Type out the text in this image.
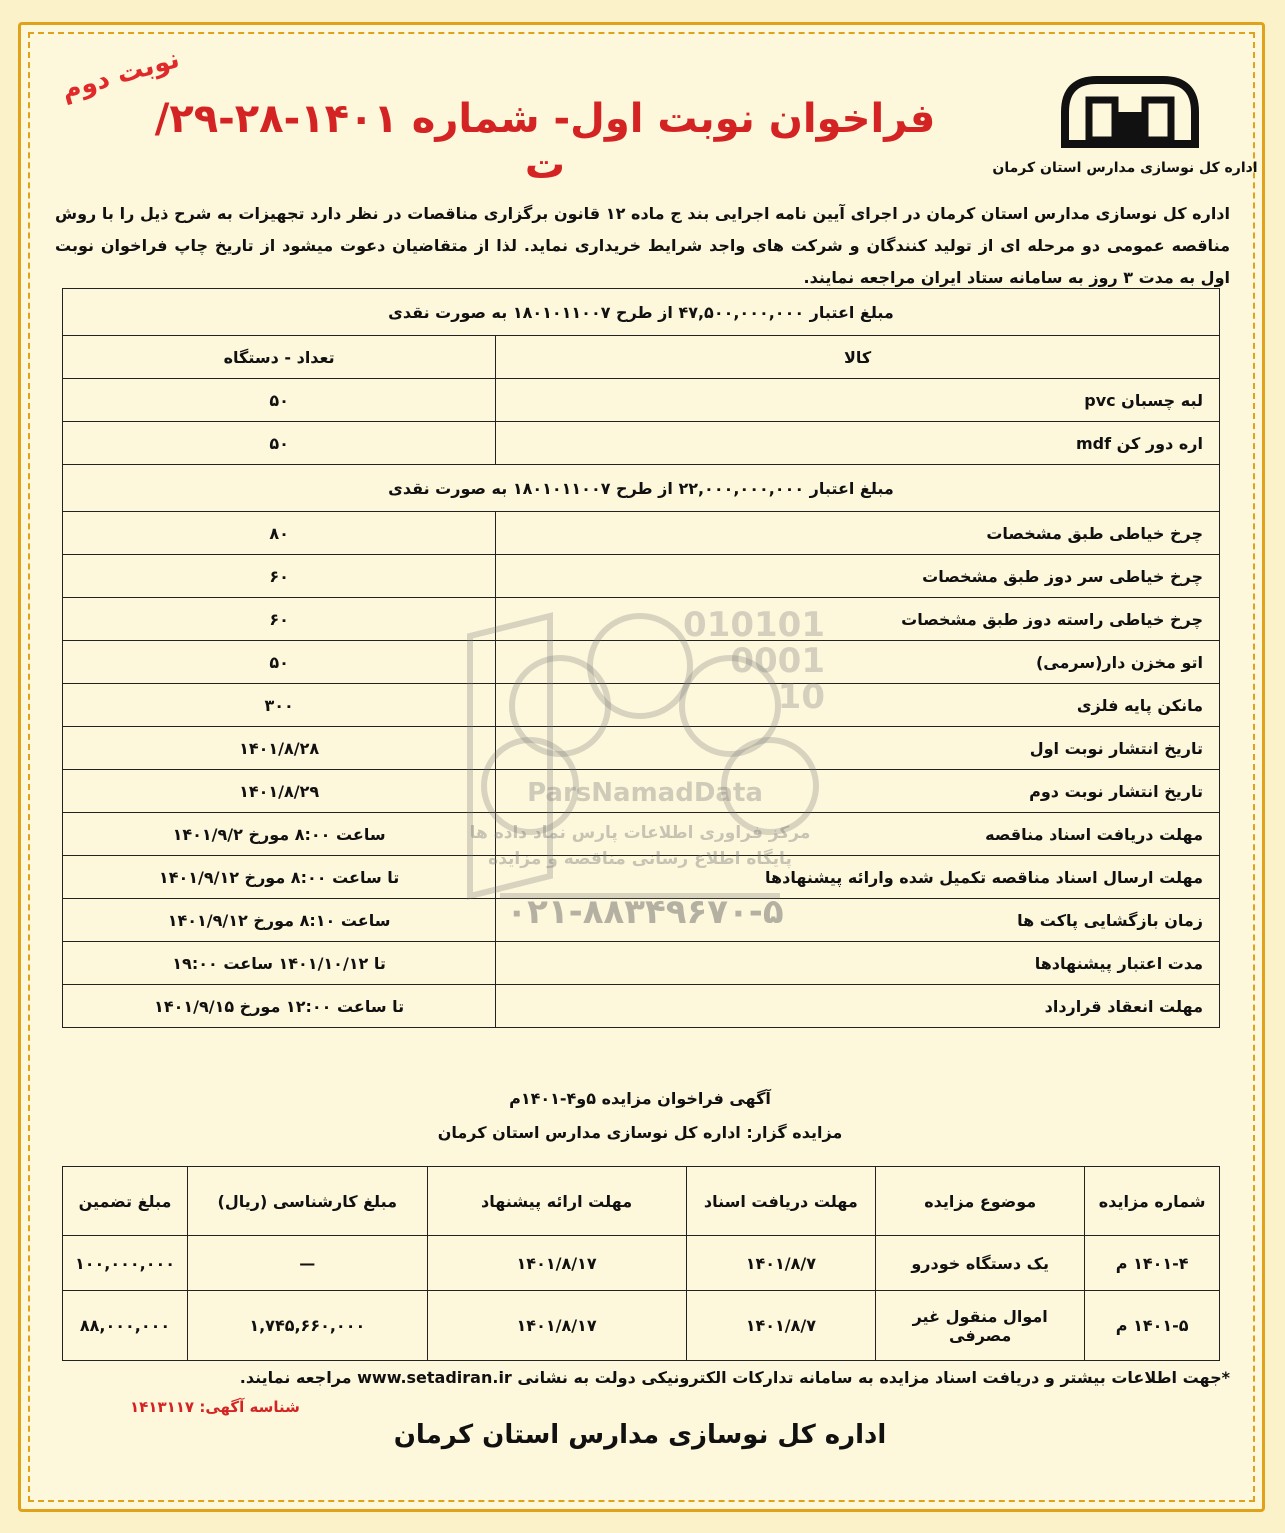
اداره کل نوسازی مدارس استان کرمان
نوبت دوم
فراخوان نوبت اول- شماره ۱۴۰۱-۲۸-۲۹/ ت
اداره کل نوسازی مدارس استان کرمان در اجرای آیین نامه اجرایی بند ج ماده ۱۲ قانون برگزاری مناقصات در نظر دارد تجهیزات به شرح ذیل را با روش مناقصه عمومی دو مرحله ای از تولید کنندگان و شرکت های واجد شرایط خریداری نماید. لذا از متقاضیان دعوت میشود از تاریخ چاپ فراخوان نوبت اول به مدت ۳ روز به سامانه ستاد ایران مراجعه نمایند.
مبلغ اعتبار ۴۷,۵۰۰,۰۰۰,۰۰۰ از طرح ۱۸۰۱۰۱۱۰۰۷ به صورت نقدی	
کالا	تعداد - دستگاه
لبه چسبان pvc	۵۰
اره دور کن mdf	۵۰
مبلغ اعتبار ۲۲,۰۰۰,۰۰۰,۰۰۰ از طرح ۱۸۰۱۰۱۱۰۰۷ به صورت نقدی	
چرخ خیاطی طبق مشخصات	۸۰
چرخ خیاطی سر دوز طبق مشخصات	۶۰
چرخ خیاطی راسته دوز طبق مشخصات	۶۰
اتو مخزن دار(سرمی)	۵۰
مانکن پایه فلزی	۳۰۰
تاریخ انتشار نوبت اول	۱۴۰۱/۸/۲۸
تاریخ انتشار نوبت دوم	۱۴۰۱/۸/۲۹
مهلت دریافت اسناد مناقصه	ساعت ۸:۰۰ مورخ ۱۴۰۱/۹/۲
مهلت ارسال اسناد مناقصه تکمیل شده وارائه پیشنهادها	تا ساعت ۸:۰۰ مورخ ۱۴۰۱/۹/۱۲
زمان بازگشایی پاکت ها	ساعت ۸:۱۰ مورخ ۱۴۰۱/۹/۱۲
مدت اعتبار پیشنهادها	تا ۱۴۰۱/۱۰/۱۲ ساعت ۱۹:۰۰
مهلت انعقاد قرارداد	تا ساعت ۱۲:۰۰ مورخ ۱۴۰۱/۹/۱۵
010101
0001
10
ParsNamadData
مرکز فراوری اطلاعات پارس نماد داده ها
پایگاه اطلاع رسانی مناقصه و مزایده
۰۲۱-۸۸۳۴۹۶۷۰-۵
آگهی فراخوان مزایده ۵و۴-۱۴۰۱م
مزایده گزار: اداره کل نوسازی مدارس استان کرمان
شماره مزایده	موضوع مزایده	مهلت دریافت اسناد	مهلت ارائه پیشنهاد	مبلغ کارشناسی (ریال)	مبلغ تضمین
۱۴۰۱-۴ م	یک دستگاه خودرو	۱۴۰۱/۸/۷	۱۴۰۱/۸/۱۷	—	۱۰۰,۰۰۰,۰۰۰
۱۴۰۱-۵ م	اموال منقول غیر مصرفی	۱۴۰۱/۸/۷	۱۴۰۱/۸/۱۷	۱,۷۴۵,۶۶۰,۰۰۰	۸۸,۰۰۰,۰۰۰
*جهت اطلاعات بیشتر و دریافت اسناد مزایده به سامانه تدارکات الکترونیکی دولت به نشانی www.setadiran.ir مراجعه نمایند.
شناسه آگهی: ۱۴۱۳۱۱۷
اداره کل نوسازی مدارس استان کرمان
